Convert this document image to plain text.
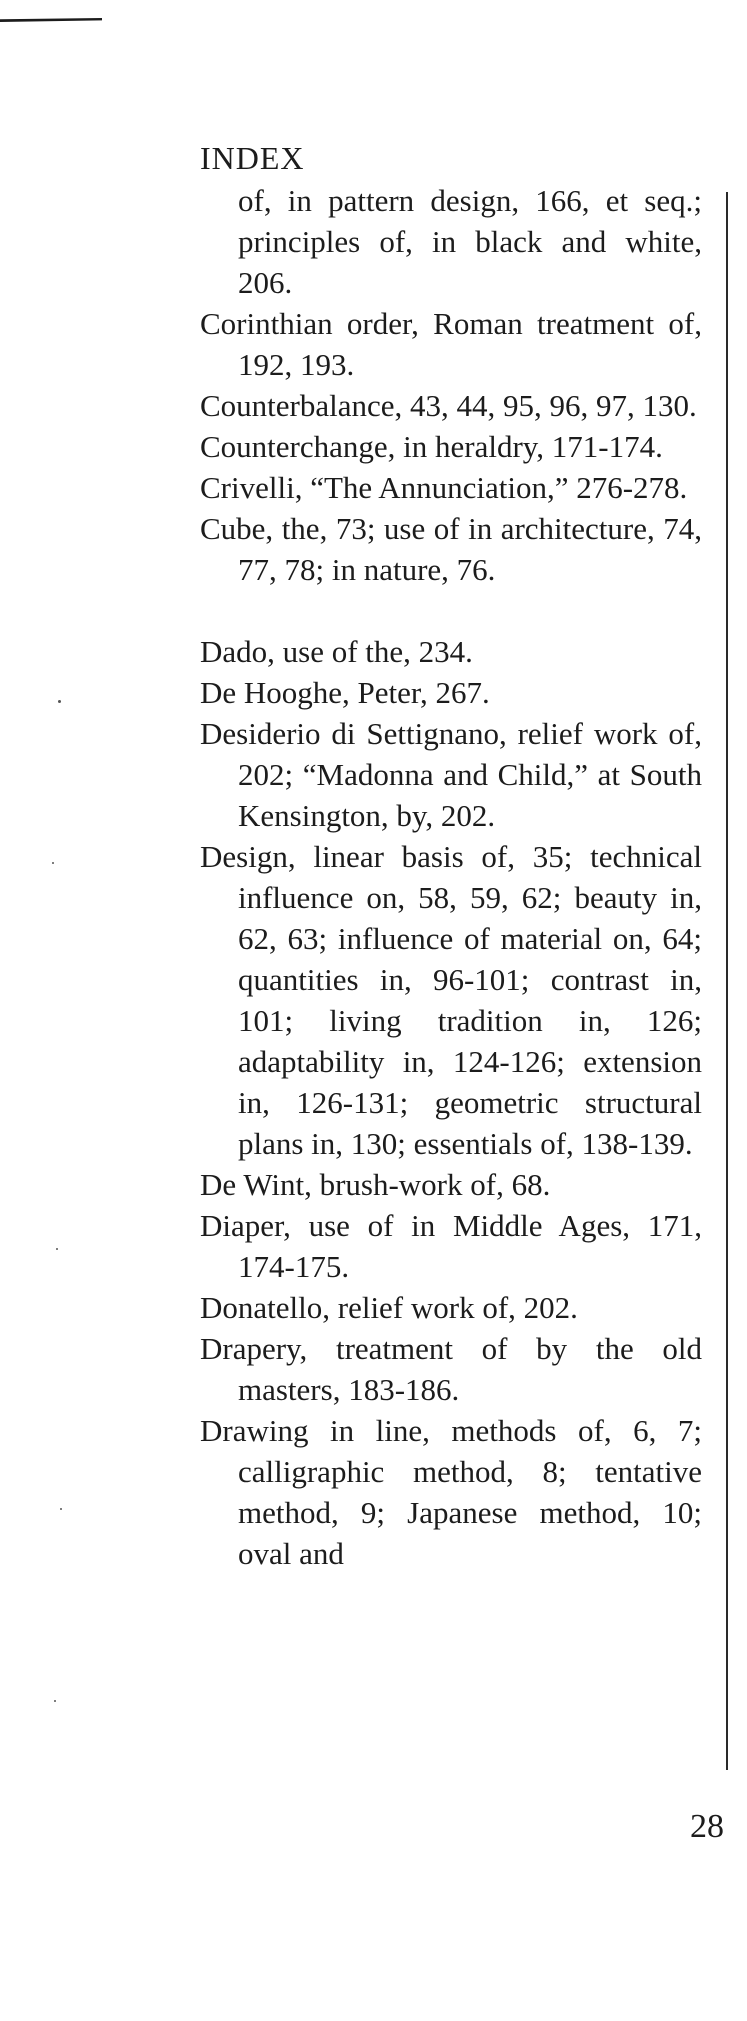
INDEX

of, in pattern design, 166, et seq.; principles of, in black and white, 206.

Corinthian order, Roman treatment of, 192, 193.

Counterbalance, 43, 44, 95, 96, 97, 130.

Counterchange, in heraldry, 171-174.

Crivelli, “The Annunciation,” 276-278.

Cube, the, 73; use of in architecture, 74, 77, 78; in nature, 76.

Dado, use of the, 234.

De Hooghe, Peter, 267.

Desiderio di Settignano, relief work of, 202; “Madonna and Child,” at South Kensington, by, 202.

Design, linear basis of, 35; technical influence on, 58, 59, 62; beauty in, 62, 63; influence of material on, 64; quantities in, 96-101; contrast in, 101; living tradition in, 126; adaptability in, 124-126; extension in, 126-131; geometric structural plans in, 130; essentials of, 138-139.

De Wint, brush-work of, 68.

Diaper, use of in Middle Ages, 171, 174-175.

Donatello, relief work of, 202.

Drapery, treatment of by the old masters, 183-186.

Drawing in line, methods of, 6, 7; calligraphic method, 8; tentative method, 9; Japanese method, 10; oval and

28
